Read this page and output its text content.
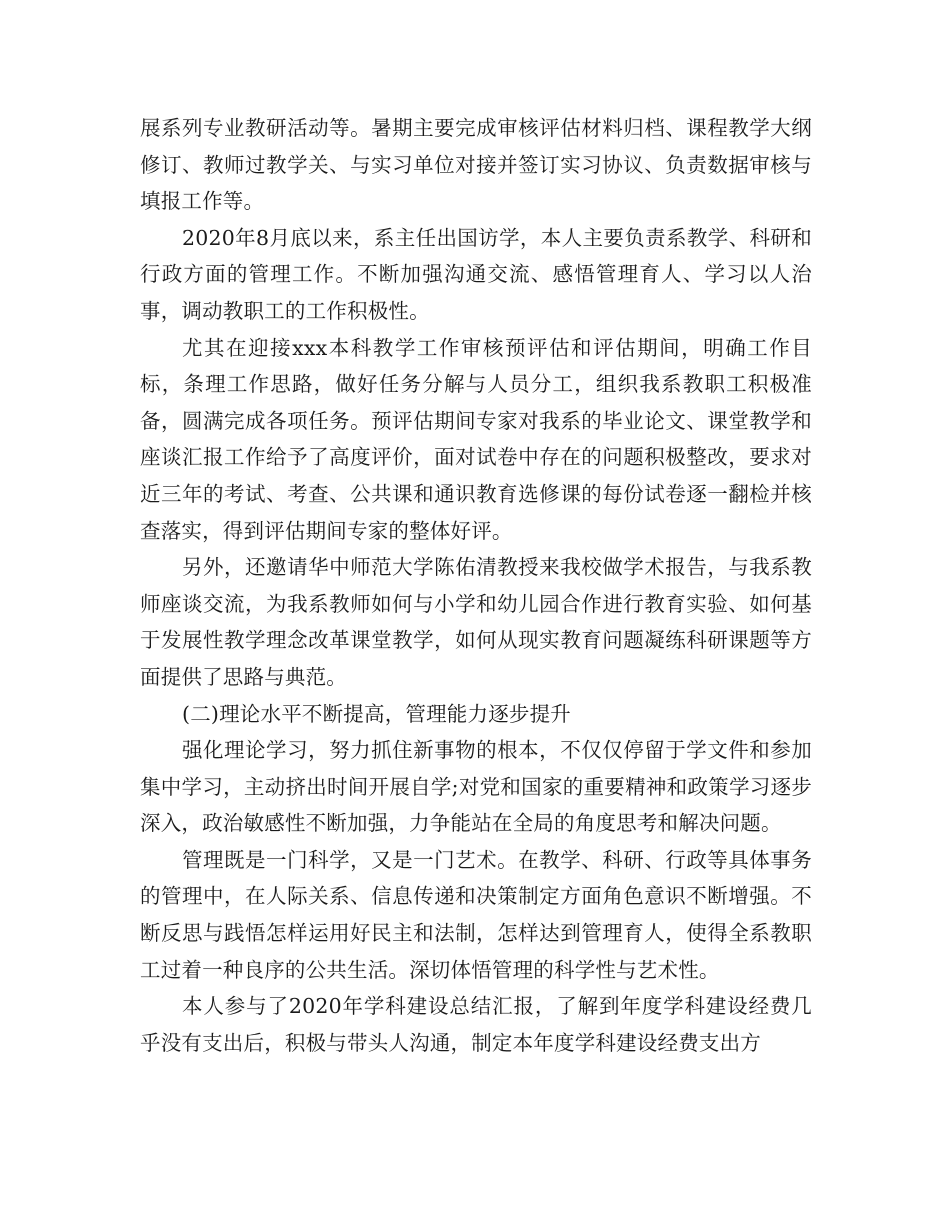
展系列专业教研活动等。暑期主要完成审核评估材料归档、课程教学大纲修订、教师过教学关、与实习单位对接并签订实习协议、负责数据审核与填报工作等。

2020年8月底以来，系主任出国访学，本人主要负责系教学、科研和行政方面的管理工作。不断加强沟通交流、感悟管理育人、学习以人治事，调动教职工的工作积极性。

尤其在迎接xxx本科教学工作审核预评估和评估期间，明确工作目标，条理工作思路，做好任务分解与人员分工，组织我系教职工积极准备，圆满完成各项任务。预评估期间专家对我系的毕业论文、课堂教学和座谈汇报工作给予了高度评价，面对试卷中存在的问题积极整改，要求对近三年的考试、考查、公共课和通识教育选修课的每份试卷逐一翻检并核查落实，得到评估期间专家的整体好评。

另外，还邀请华中师范大学陈佑清教授来我校做学术报告，与我系教师座谈交流，为我系教师如何与小学和幼儿园合作进行教育实验、如何基于发展性教学理念改革课堂教学，如何从现实教育问题凝练科研课题等方面提供了思路与典范。

(二)理论水平不断提高，管理能力逐步提升

强化理论学习，努力抓住新事物的根本，不仅仅停留于学文件和参加集中学习，主动挤出时间开展自学;对党和国家的重要精神和政策学习逐步深入，政治敏感性不断加强，力争能站在全局的角度思考和解决问题。

管理既是一门科学，又是一门艺术。在教学、科研、行政等具体事务的管理中，在人际关系、信息传递和决策制定方面角色意识不断增强。不断反思与践悟怎样运用好民主和法制，怎样达到管理育人，使得全系教职工过着一种良序的公共生活。深切体悟管理的科学性与艺术性。

本人参与了2020年学科建设总结汇报，了解到年度学科建设经费几乎没有支出后，积极与带头人沟通，制定本年度学科建设经费支出方
